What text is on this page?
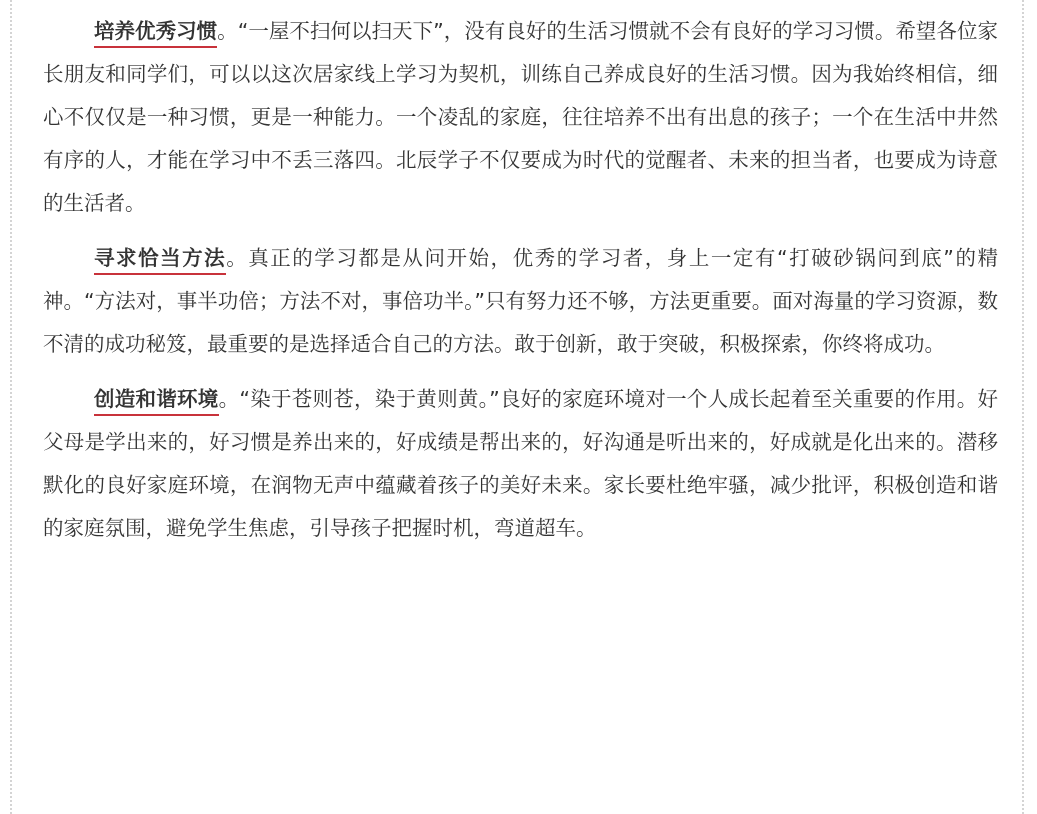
培养优秀习惯。“一屋不扫何以扫天下”，没有良好的生活习惯就不会有良好的学习习惯。希望各位家长朋友和同学们，可以以这次居家线上学习为契机，训练自己养成良好的生活习惯。因为我始终相信，细心不仅仅是一种习惯，更是一种能力。一个凌乱的家庭，往往培养不出有出息的孩子；一个在生活中井然有序的人，才能在学习中不丢三落四。北辰学子不仅要成为时代的觉醒者、未来的担当者，也要成为诗意的生活者。

寻求恰当方法。真正的学习都是从问开始，优秀的学习者，身上一定有“打破砂锅问到底”的精神。“方法对，事半功倍；方法不对，事倍功半。”只有努力还不够，方法更重要。面对海量的学习资源，数不清的成功秘笈，最重要的是选择适合自己的方法。敢于创新，敢于突破，积极探索，你终将成功。

创造和谐环境。“染于苍则苍，染于黄则黄。”良好的家庭环境对一个人成长起着至关重要的作用。好父母是学出来的，好习惯是养出来的，好成绩是帮出来的，好沟通是听出来的，好成就是化出来的。潜移默化的良好家庭环境，在润物无声中蕴藏着孩子的美好未来。家长要杜绝牢骚，减少批评，积极创造和谐的家庭氛围，避免学生焦虑，引导孩子把握时机，弯道超车。
